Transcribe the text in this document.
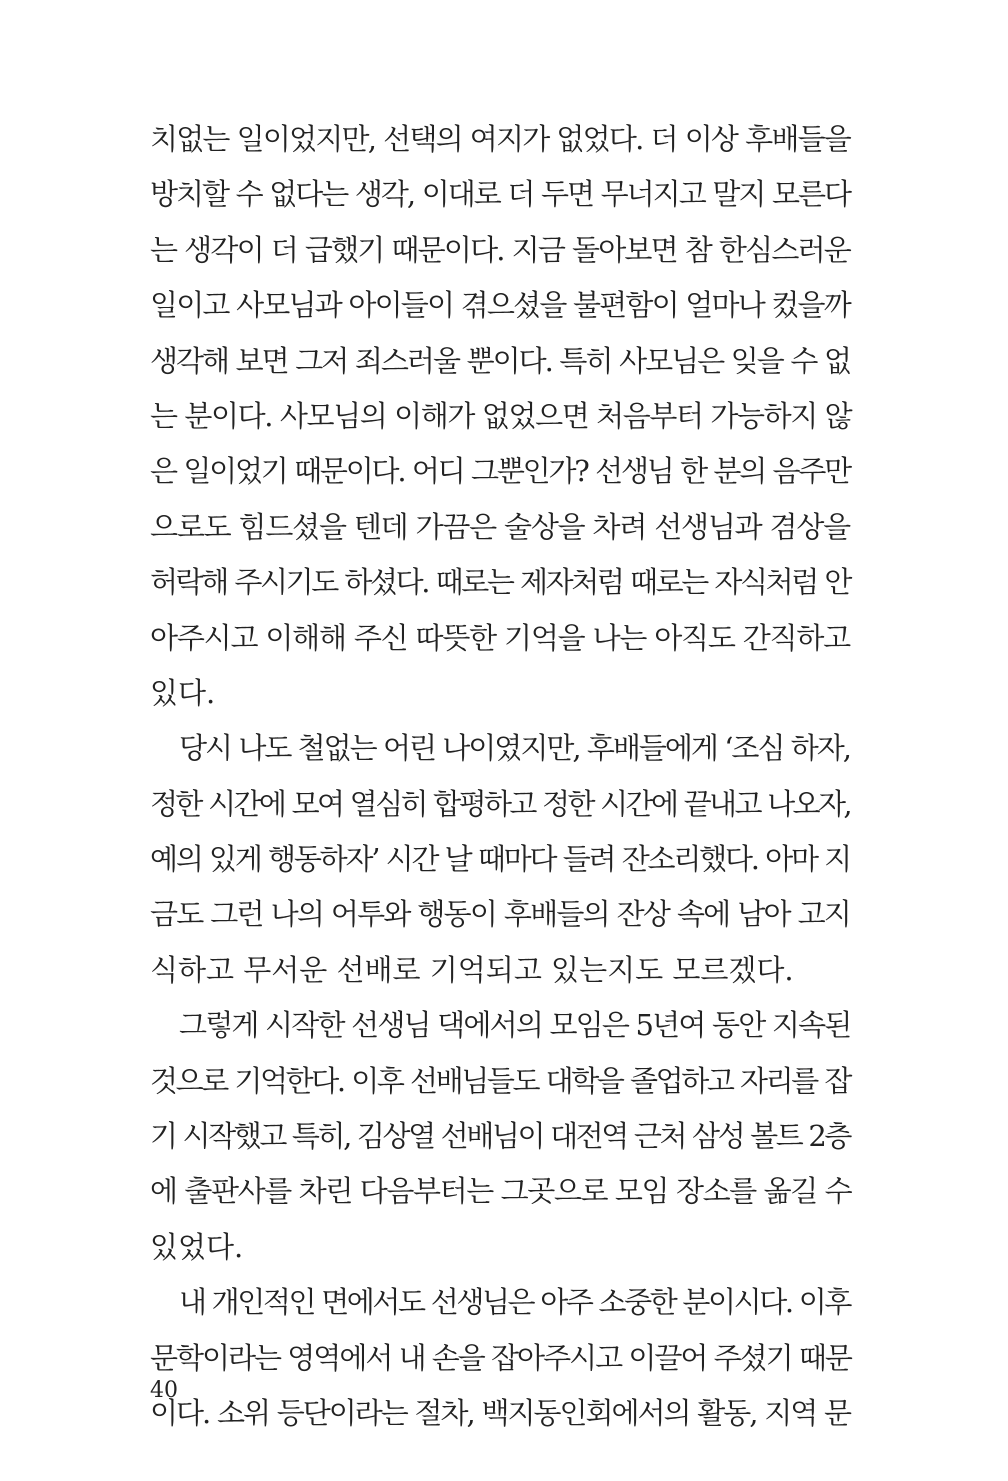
치없는 일이었지만, 선택의 여지가 없었다. 더 이상 후배들을
방치할 수 없다는 생각, 이대로 더 두면 무너지고 말지 모른다
는 생각이 더 급했기 때문이다. 지금 돌아보면 참 한심스러운
일이고 사모님과 아이들이 겪으셨을 불편함이 얼마나 컸을까
생각해 보면 그저 죄스러울 뿐이다. 특히 사모님은 잊을 수 없
는 분이다. 사모님의 이해가 없었으면 처음부터 가능하지 않
은 일이었기 때문이다. 어디 그뿐인가? 선생님 한 분의 음주만
으로도 힘드셨을 텐데 가끔은 술상을 차려 선생님과 겸상을
허락해 주시기도 하셨다. 때로는 제자처럼 때로는 자식처럼 안
아주시고 이해해 주신 따뜻한 기억을 나는 아직도 간직하고
있다.
당시 나도 철없는 어린 나이였지만, 후배들에게 ‘조심 하자,
정한 시간에 모여 열심히 합평하고 정한 시간에 끝내고 나오자,
예의 있게 행동하자’ 시간 날 때마다 들려 잔소리했다. 아마 지
금도 그런 나의 어투와 행동이 후배들의 잔상 속에 남아 고지
식하고 무서운 선배로 기억되고 있는지도 모르겠다.
그렇게 시작한 선생님 댁에서의 모임은 5년여 동안 지속된
것으로 기억한다. 이후 선배님들도 대학을 졸업하고 자리를 잡
기 시작했고 특히, 김상열 선배님이 대전역 근처 삼성 볼트 2층
에 출판사를 차린 다음부터는 그곳으로 모임 장소를 옮길 수
있었다.
내 개인적인 면에서도 선생님은 아주 소중한 분이시다. 이후
문학이라는 영역에서 내 손을 잡아주시고 이끌어 주셨기 때문
이다. 소위 등단이라는 절차, 백지동인회에서의 활동, 지역 문
40
